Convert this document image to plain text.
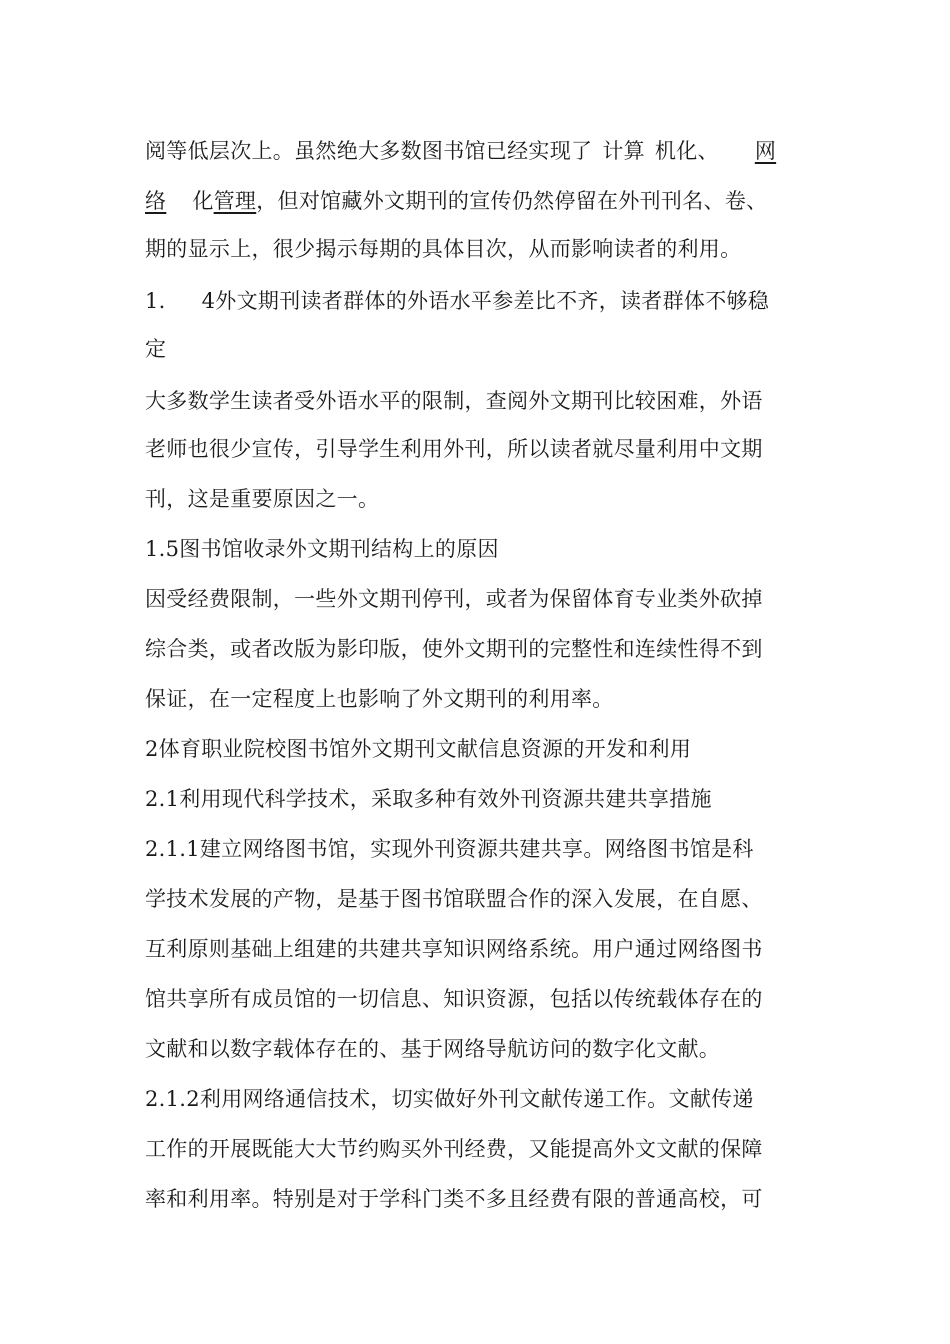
阅等低层次上。虽然绝大多数图书馆已经实现了 计算 机化、 网
络 化管理，但对馆藏外文期刊的宣传仍然停留在外刊刊名、卷、
期的显示上，很少揭示每期的具体目次，从而影响读者的利用。
1. 4外文期刊读者群体的外语水平参差比不齐，读者群体不够稳
定
大多数学生读者受外语水平的限制，查阅外文期刊比较困难，外语
老师也很少宣传，引导学生利用外刊，所以读者就尽量利用中文期
刊，这是重要原因之一。
1.5图书馆收录外文期刊结构上的原因
因受经费限制，一些外文期刊停刊，或者为保留体育专业类外砍掉
综合类，或者改版为影印版，使外文期刊的完整性和连续性得不到
保证，在一定程度上也影响了外文期刊的利用率。
2体育职业院校图书馆外文期刊文献信息资源的开发和利用
2.1利用现代科学技术，采取多种有效外刊资源共建共享措施
2.1.1建立网络图书馆，实现外刊资源共建共享。网络图书馆是科
学技术发展的产物，是基于图书馆联盟合作的深入发展，在自愿、
互利原则基础上组建的共建共享知识网络系统。用户通过网络图书
馆共享所有成员馆的一切信息、知识资源，包括以传统载体存在的
文献和以数字载体存在的、基于网络导航访问的数字化文献。
2.1.2利用网络通信技术，切实做好外刊文献传递工作。文献传递
工作的开展既能大大节约购买外刊经费，又能提高外文文献的保障
率和利用率。特别是对于学科门类不多且经费有限的普通高校，可
